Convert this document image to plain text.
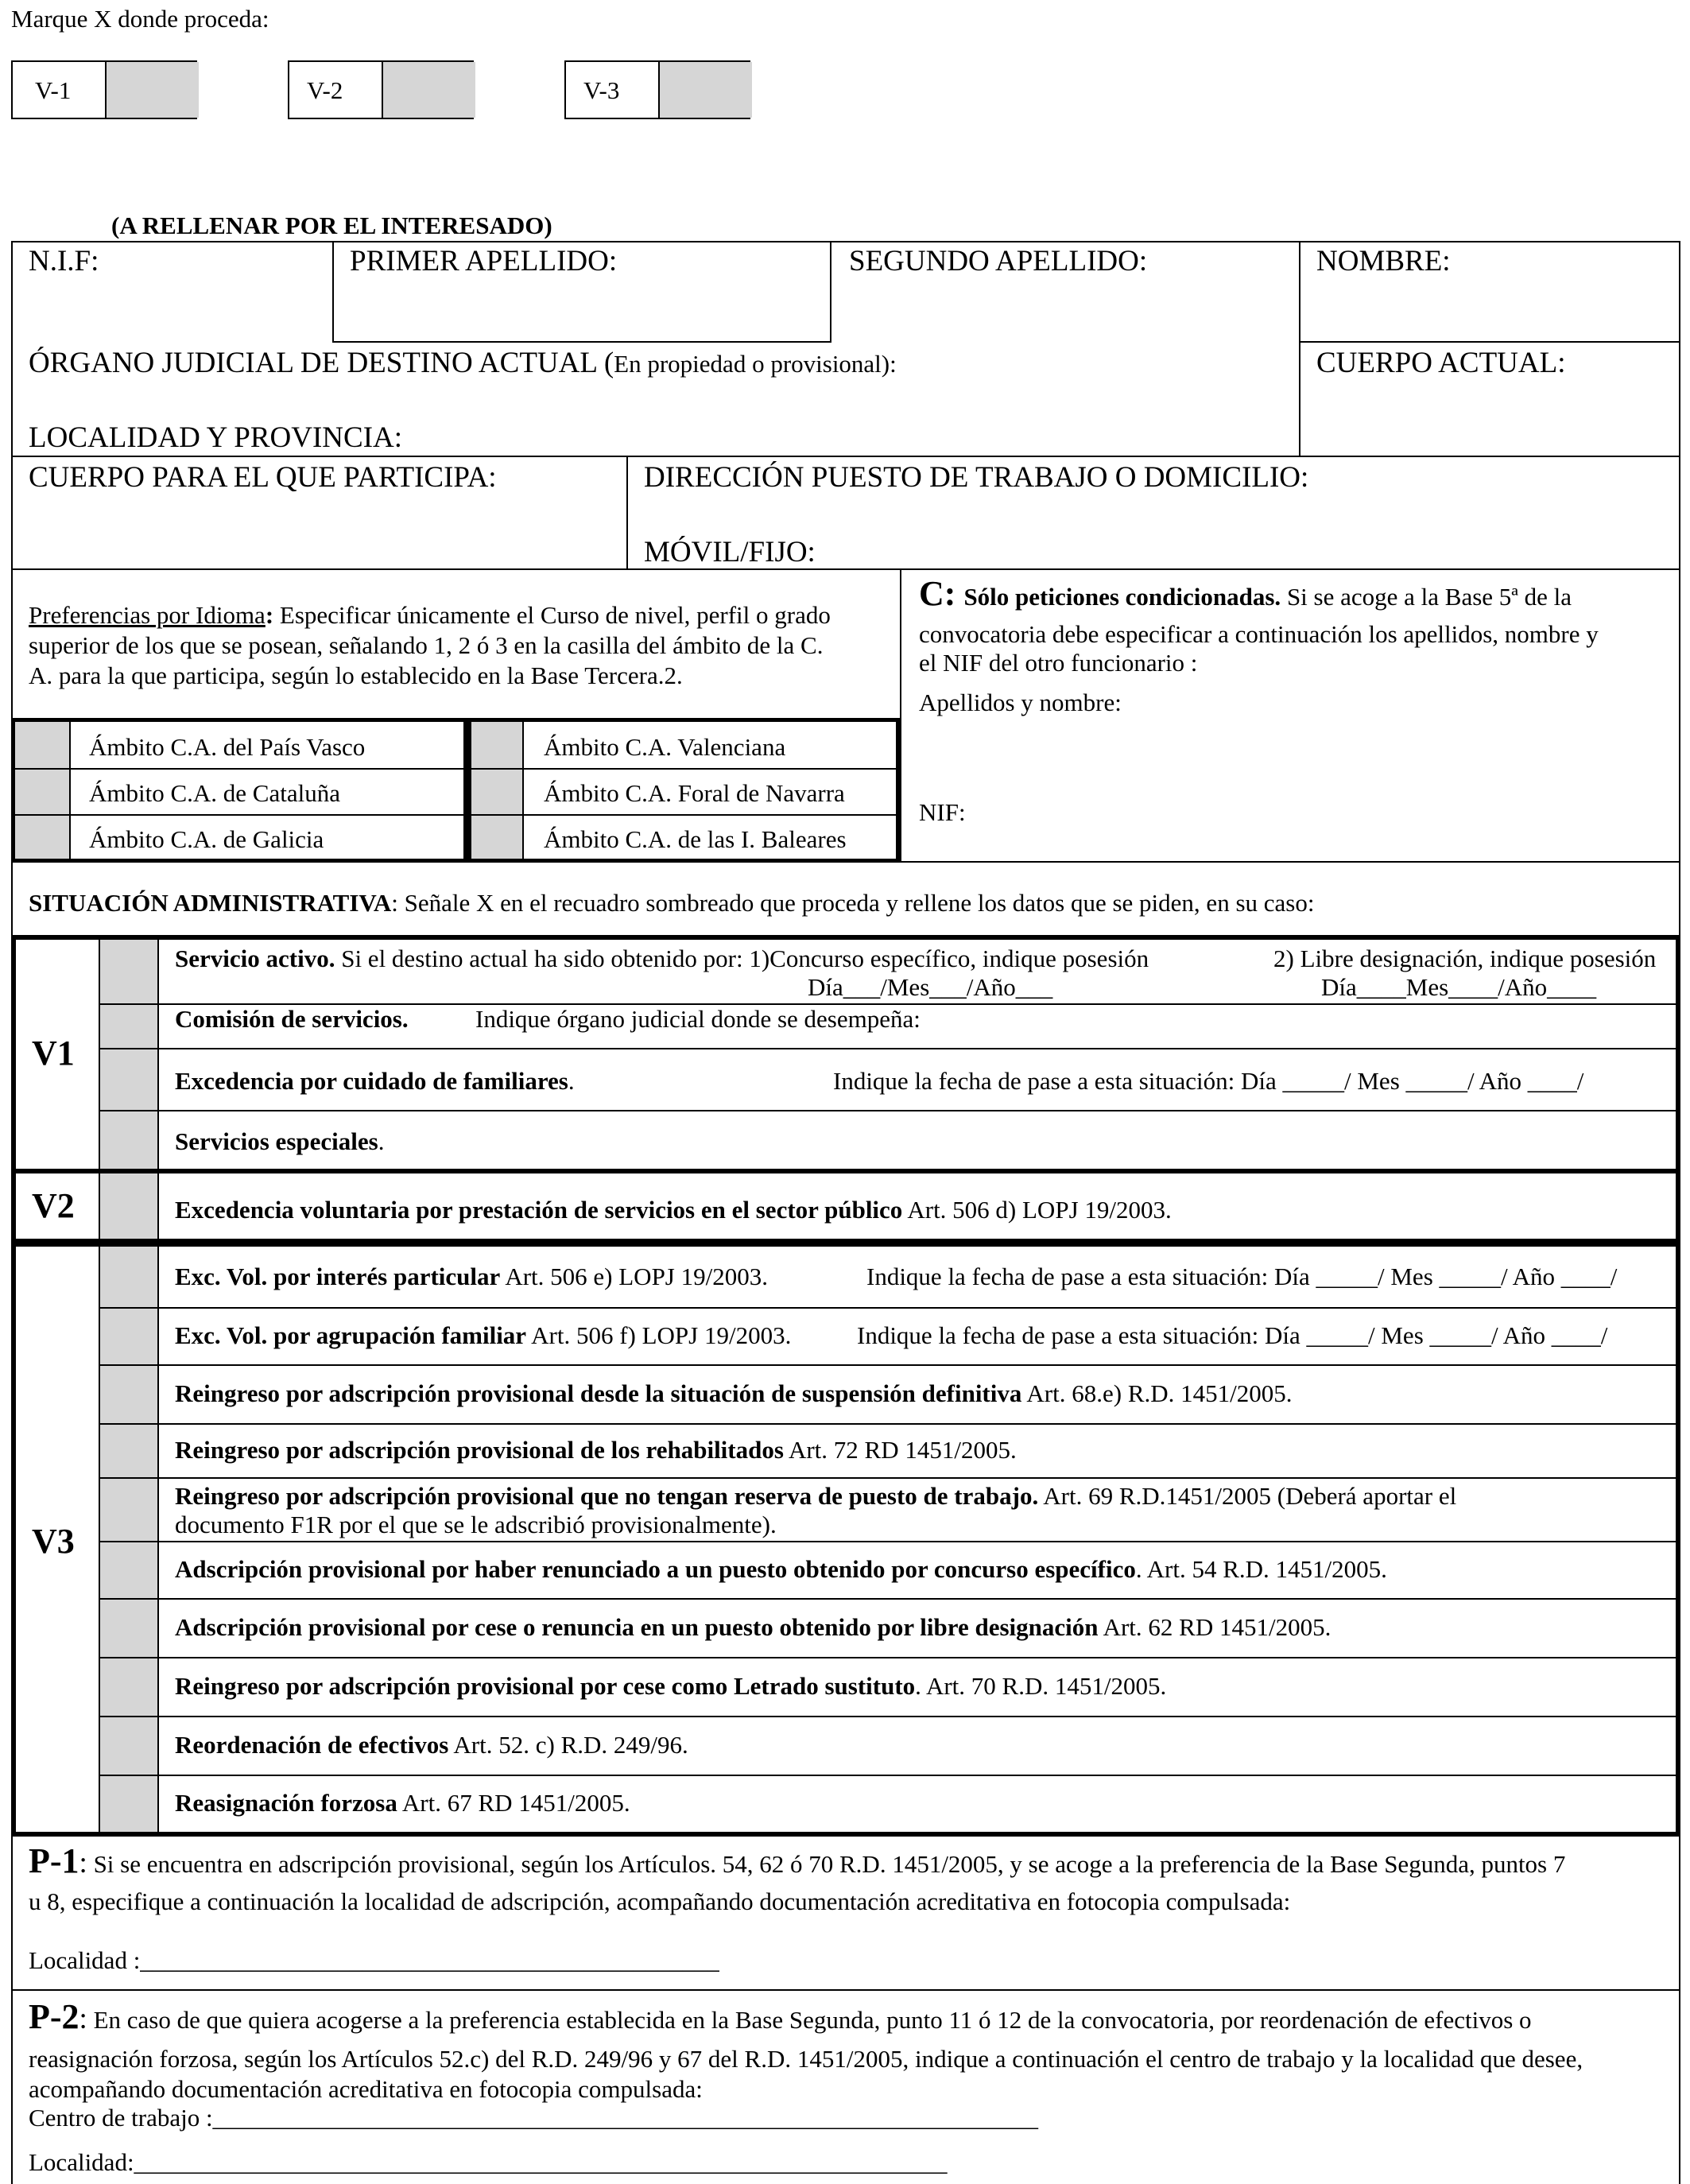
Marque X donde proceda:
V-1	V-2	V-3
(A RELLENAR POR EL INTERESADO)
N.I.F:	PRIMER APELLIDO:	SEGUNDO APELLIDO:	NOMBRE:
ÓRGANO JUDICIAL DE DESTINO ACTUAL (En propiedad o provisional):	CUERPO ACTUAL:
LOCALIDAD Y PROVINCIA:
CUERPO PARA EL QUE PARTICIPA:	DIRECCIÓN PUESTO DE TRABAJO O DOMICILIO:
MÓVIL/FIJO:
Preferencias por Idioma: Especificar únicamente el Curso de nivel, perfil o grado
superior de los que se posean, señalando 1, 2 ó 3 en la casilla del ámbito de la C.
A. para la que participa, según lo establecido en la Base Tercera.2.
Ámbito C.A. del País Vasco
Ámbito C.A. de Cataluña
Ámbito C.A. de Galicia
Ámbito C.A. Valenciana
Ámbito C.A. Foral de Navarra
Ámbito C.A. de las I. Baleares
C: Sólo peticiones condicionadas. Si se acoge a la Base 5ª de la
convocatoria debe especificar a continuación los apellidos, nombre y
el NIF del otro funcionario :
Apellidos y nombre:
NIF:
SITUACIÓN ADMINISTRATIVA: Señale X en el recuadro sombreado que proceda y rellene los datos que se piden, en su caso:
V1
Servicio activo. Si el destino actual ha sido obtenido por: 1)Concurso específico, indique posesión	2) Libre designación, indique posesión
Día___/Mes___/Año___	Día____Mes____/Año____
Comisión de servicios.	Indique órgano judicial donde se desempeña:
Excedencia por cuidado de familiares.	Indique la fecha de pase a esta situación: Día _____/ Mes _____/ Año ____/
Servicios especiales.
V2	Excedencia voluntaria por prestación de servicios en el sector público Art. 506 d) LOPJ 19/2003.
V3
Exc. Vol. por interés particular Art. 506 e) LOPJ 19/2003.	Indique la fecha de pase a esta situación: Día _____/ Mes _____/ Año ____/
Exc. Vol. por agrupación familiar Art. 506 f) LOPJ 19/2003.	Indique la fecha de pase a esta situación: Día _____/ Mes _____/ Año ____/
Reingreso por adscripción provisional desde la situación de suspensión definitiva Art. 68.e) R.D. 1451/2005.
Reingreso por adscripción provisional de los rehabilitados Art. 72 RD 1451/2005.
Reingreso por adscripción provisional que no tengan reserva de puesto de trabajo. Art. 69 R.D.1451/2005 (Deberá aportar el
documento F1R por el que se le adscribió provisionalmente).
Adscripción provisional por haber renunciado a un puesto obtenido por concurso específico. Art. 54 R.D. 1451/2005.
Adscripción provisional por cese o renuncia en un puesto obtenido por libre designación Art. 62 RD 1451/2005.
Reingreso por adscripción provisional por cese como Letrado sustituto. Art. 70 R.D. 1451/2005.
Reordenación de efectivos Art. 52. c) R.D. 249/96.
Reasignación forzosa Art. 67 RD 1451/2005.
P-1: Si se encuentra en adscripción provisional, según los Artículos. 54, 62 ó 70 R.D. 1451/2005, y se acoge a la preferencia de la Base Segunda, puntos 7
u 8, especifique a continuación la localidad de adscripción, acompañando documentación acreditativa en fotocopia compulsada:
Localidad :_______________________________________________
P-2: En caso de que quiera acogerse a la preferencia establecida en la Base Segunda, punto 11 ó 12 de la convocatoria, por reordenación de efectivos o
reasignación forzosa, según los Artículos 52.c) del R.D. 249/96 y 67 del R.D. 1451/2005, indique a continuación el centro de trabajo y la localidad que desee,
acompañando documentación acreditativa en fotocopia compulsada:
Centro de trabajo :___________________________________________________________________
Localidad:__________________________________________________________________
